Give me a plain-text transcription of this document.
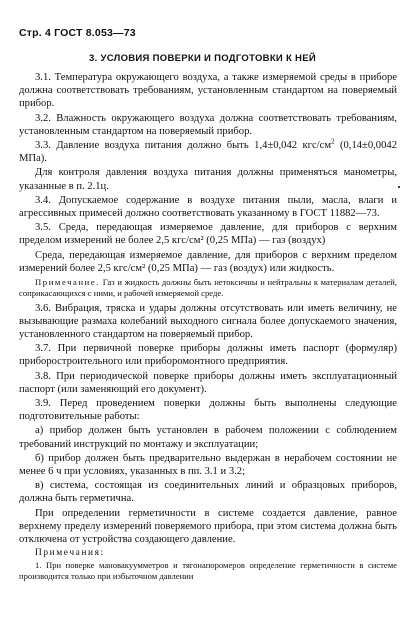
Стр. 4 ГОСТ 8.053—73
3. УСЛОВИЯ ПОВЕРКИ И ПОДГОТОВКИ К НЕЙ

3.1. Температура окружающего воздуха, а также измеряемой среды в приборе должна соответствовать требованиям, установленным стандартом на поверяемый прибор.

3.2. Влажность окружающего воздуха должна соответствовать требованиям, установленным стандартом на поверяемый прибор.

3.3. Давление воздуха питания должно быть 1,4±0,042 кгс/$см^2$ (0,14±0,0042 МПа).

Для контроля давления воздуха питания должны применяться манометры, указанные в п. 2.1ц.

3.4. Допускаемое содержание в воздухе питания пыли, масла, влаги и агрессивных примесей должно соответствовать указанному в ГОСТ 11882—73.

3.5. Среда, передающая измеряемое давление, для приборов с верхним пределом измерений не более 2,5 кгс/см² (0,25 МПа) — газ (воздух)

Среда, передающая измеряемое давление, для приборов с верхним пределом измерений более 2,5 кгс/см² (0,25 МПа) — газ (воздух) или жидкость.

Примечание. Газ и жидкость должны быть нетоксичны и нейтральны к материалам деталей, соприкасающихся с ними, и рабочей измеряемой среде.

3.6. Вибрация, тряска и удары должны отсутствовать или иметь величину, не вызывающие размаха колебаний выходного сигнала более допускаемого значения, установленного стандартом на поверяемый прибор.

3.7. При первичной поверке приборы должны иметь паспорт (формуляр) приборостроительного или приборомонтного предприятия.

3.8. При периодической поверке приборы должны иметь эксплуатационный паспорт (или заменяющий его документ).

3.9. Перед проведением поверки должны быть выполнены следующие подготовительные работы:

а) прибор должен быть установлен в рабочем положении с соблюдением требований инструкций по монтажу и эксплуатации;

б) прибор должен быть предварительно выдержан в нерабочем состоянии не менее 6 ч при условиях, указанных в пп. 3.1 и 3.2;

в) система, состоящая из соединительных линий и образцовых приборов, должна быть герметична.

При определении герметичности в системе создается давление, равное верхнему пределу измерений поверяемого прибора, при этом система должна быть отключена от устройства создающего давление.

Примечания:

1. При поверке мановакуумметров и тягонапоромеров определение герметичности в системе производится только при избыточном давлении
